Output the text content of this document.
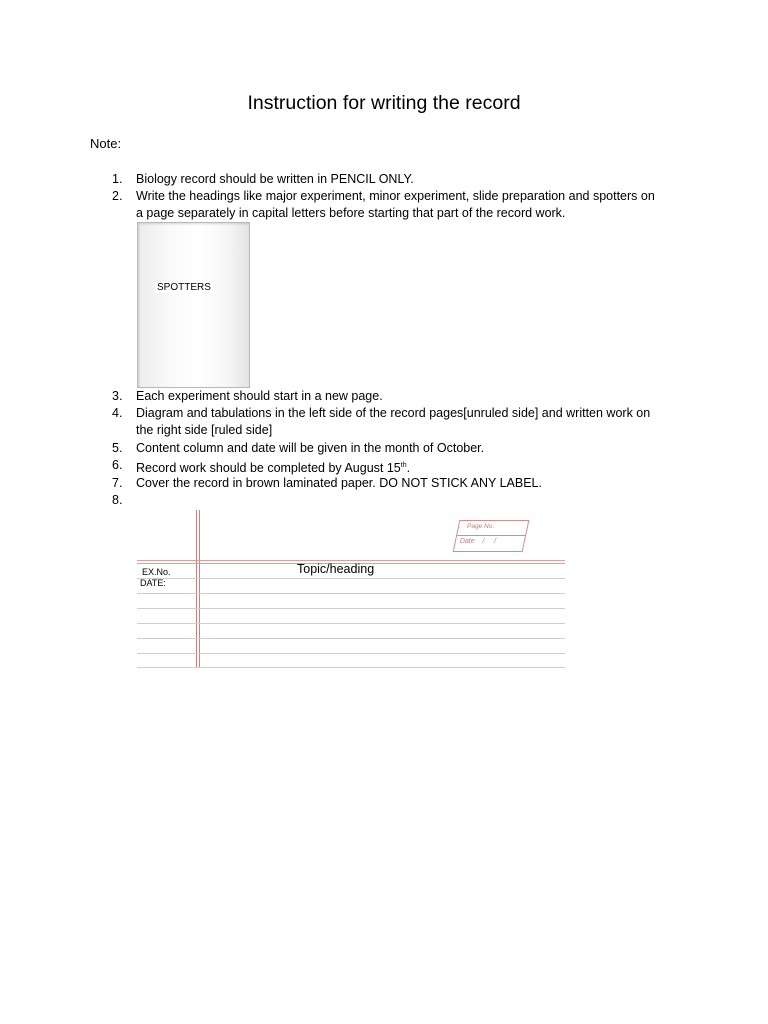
Instruction for writing the record
Note:
1.	Biology record should be written in PENCIL ONLY.
2.	Write the headings like major experiment, minor experiment, slide preparation and spotters on
a page separately in capital letters before starting that part of the record work.
3.	Each experiment should start in a new page.
4.	Diagram and tabulations in the left side of the record pages[unruled side] and written work on
the right side [ruled side]
5.	Content column and date will be given in the month of October.
6.	Record work should be completed by August 15th.
7.	Cover the record in brown laminated paper. DO NOT STICK ANY LABEL.
8.
SPOTTERS
EX.No.
DATE:
Topic/heading
Page No.
Date    /     /
